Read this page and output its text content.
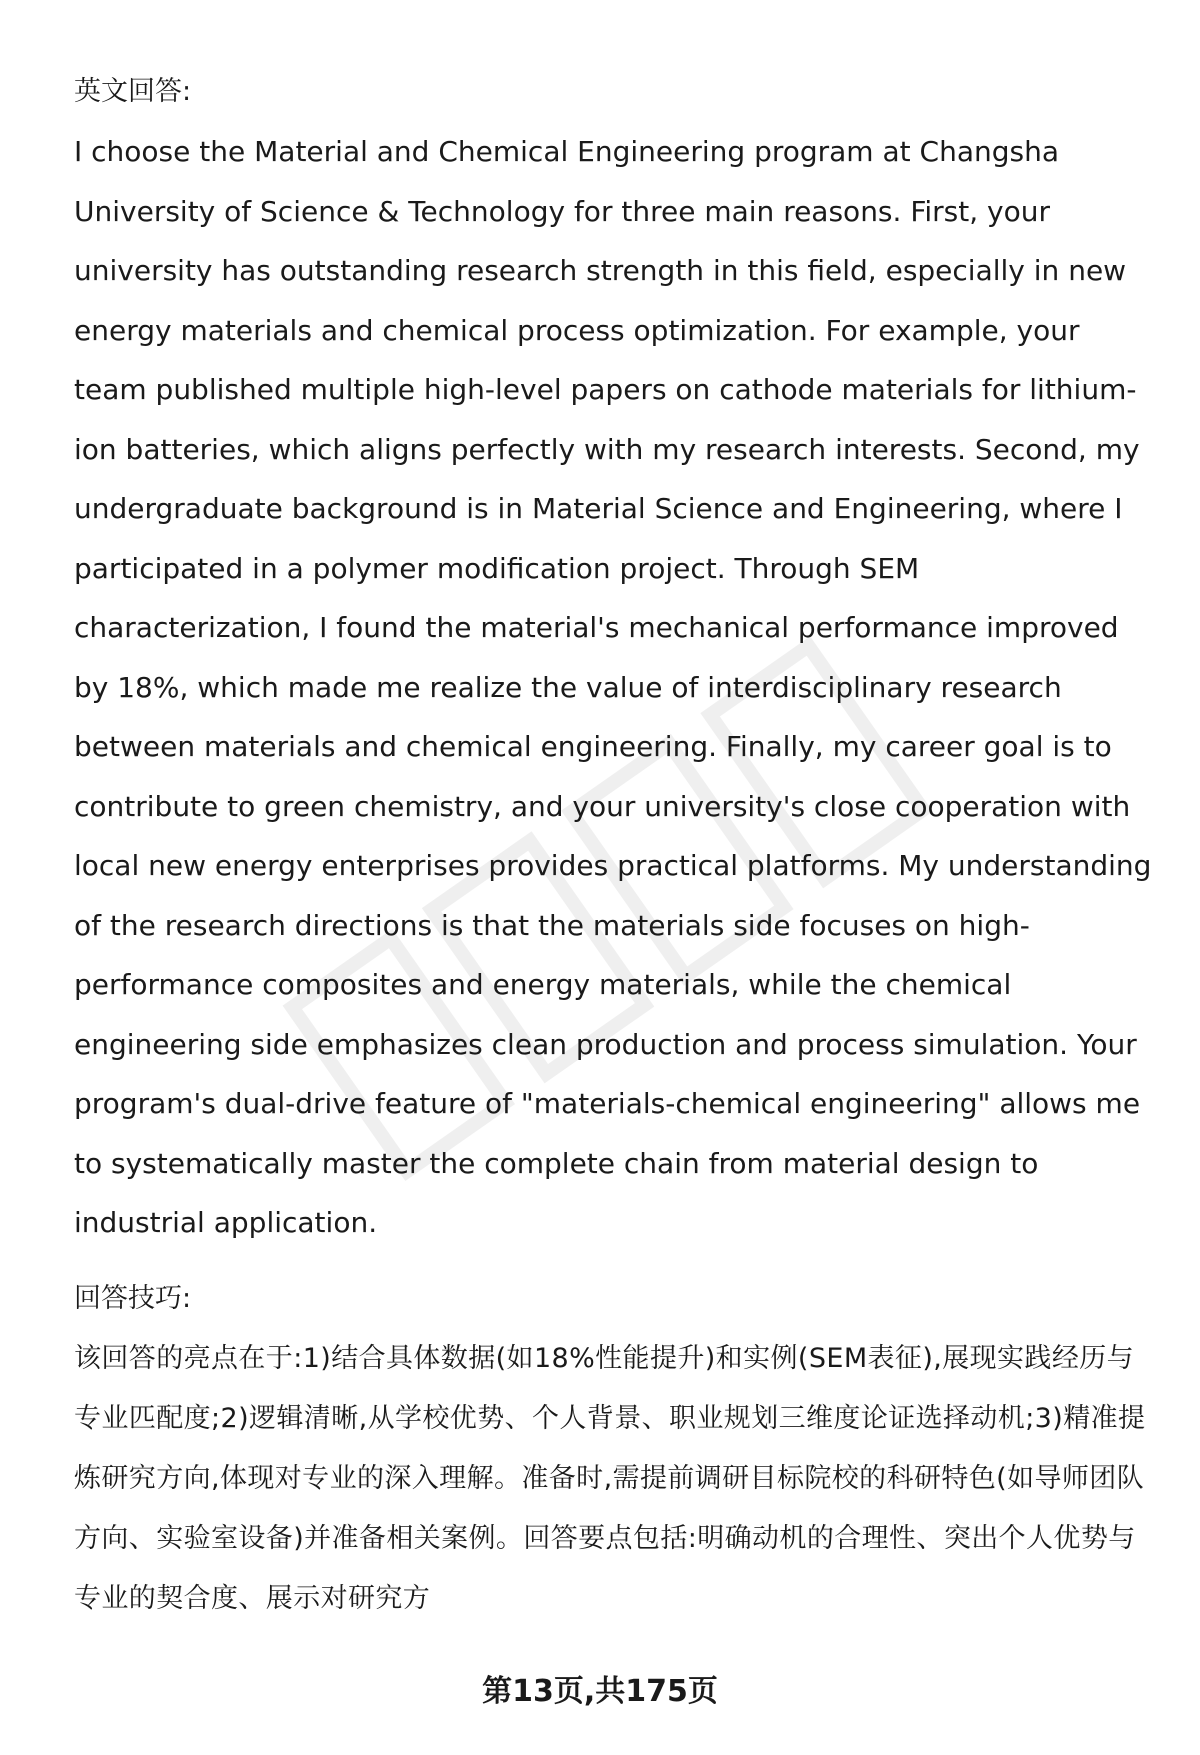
英文回答:

I choose the Material and Chemical Engineering program at Changsha University of Science & Technology for three main reasons. First, your university has outstanding research strength in this field, especially in new energy materials and chemical process optimization. For example, your team published multiple high-level papers on cathode materials for lithium-ion batteries, which aligns perfectly with my research interests. Second, my undergraduate background is in Material Science and Engineering, where I participated in a polymer modification project. Through SEM characterization, I found the material's mechanical performance improved by 18%, which made me realize the value of interdisciplinary research between materials and chemical engineering. Finally, my career goal is to contribute to green chemistry, and your university's close cooperation with local new energy enterprises provides practical platforms. My understanding of the research directions is that the materials side focuses on high-performance composites and energy materials, while the chemical engineering side emphasizes clean production and process simulation. Your program's dual-drive feature of "materials-chemical engineering" allows me to systematically master the complete chain from material design to industrial application.

回答技巧:

该回答的亮点在于:1)结合具体数据(如18%性能提升)和实例(SEM表征),展现实践经历与专业匹配度;2)逻辑清晰,从学校优势、个人背景、职业规划三维度论证选择动机;3)精准提炼研究方向,体现对专业的深入理解。准备时,需提前调研目标院校的科研特色(如导师团队方向、实验室设备)并准备相关案例。回答要点包括:明确动机的合理性、突出个人优势与专业的契合度、展示对研究方

第13页,共175页
